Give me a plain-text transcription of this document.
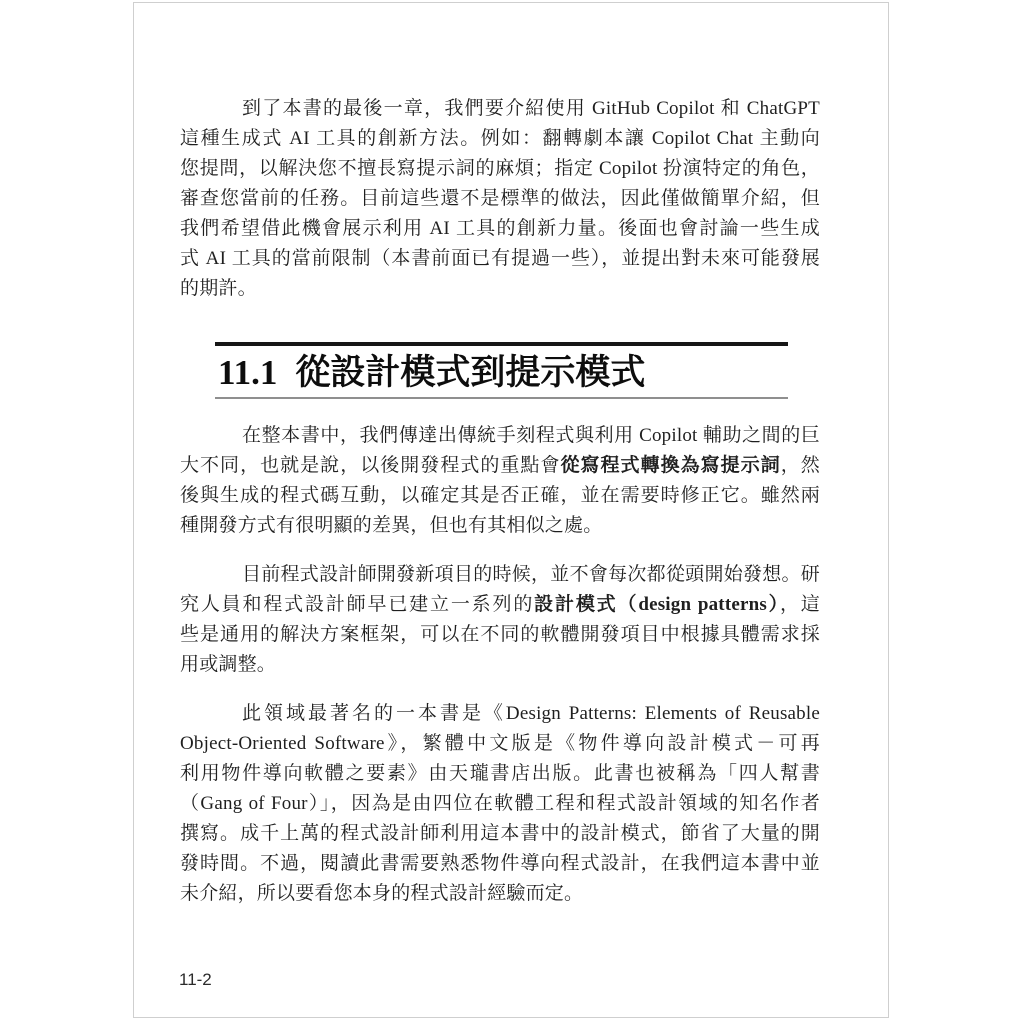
到了本書的最後一章，我們要介紹使用 GitHub Copilot 和 ChatGPT
這種生成式 AI 工具的創新方法。例如：翻轉劇本讓 Copilot Chat 主動向
您提問，以解決您不擅長寫提示詞的麻煩；指定 Copilot 扮演特定的角色，
審查您當前的任務。目前這些還不是標準的做法，因此僅做簡單介紹，但
我們希望借此機會展示利用 AI 工具的創新力量。後面也會討論一些生成
式 AI 工具的當前限制（本書前面已有提過一些），並提出對未來可能發展
的期許。
11.1 從設計模式到提示模式
在整本書中，我們傳達出傳統手刻程式與利用 Copilot 輔助之間的巨
大不同，也就是說，以後開發程式的重點會從寫程式轉換為寫提示詞，然
後與生成的程式碼互動，以確定其是否正確，並在需要時修正它。雖然兩
種開發方式有很明顯的差異，但也有其相似之處。
目前程式設計師開發新項目的時候，並不會每次都從頭開始發想。研
究人員和程式設計師早已建立一系列的設計模式（design patterns），這
些是通用的解決方案框架，可以在不同的軟體開發項目中根據具體需求採
用或調整。
此領域最著名的一本書是《Design Patterns: Elements of Reusable
Object-Oriented Software》，繁體中文版是《物件導向設計模式－可再
利用物件導向軟體之要素》由天瓏書店出版。此書也被稱為「四人幫書
（Gang of Four）」，因為是由四位在軟體工程和程式設計領域的知名作者
撰寫。成千上萬的程式設計師利用這本書中的設計模式，節省了大量的開
發時間。不過，閱讀此書需要熟悉物件導向程式設計，在我們這本書中並
未介紹，所以要看您本身的程式設計經驗而定。
11-2
